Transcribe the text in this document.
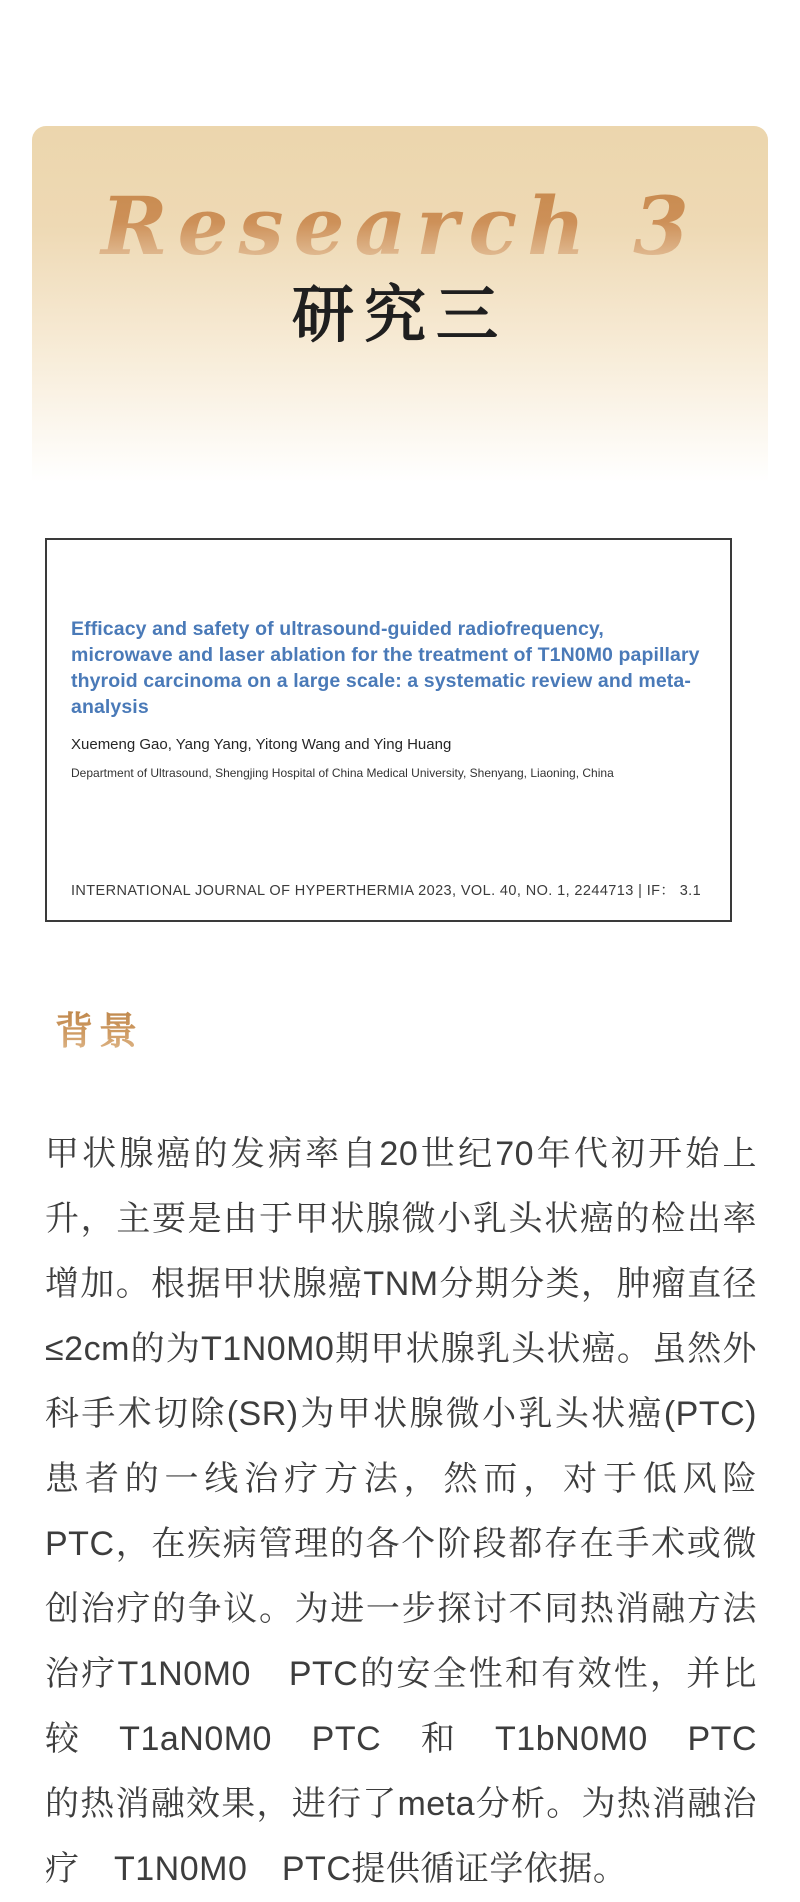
Research 3
研究三
Efficacy and safety of ultrasound-guided radiofrequency, microwave and laser ablation for the treatment of T1N0M0 papillary thyroid carcinoma on a large scale: a systematic review and meta-analysis
Xuemeng Gao, Yang Yang, Yitong Wang and Ying Huang
Department of Ultrasound, Shengjing Hospital of China Medical University, Shenyang, Liaoning, China
INTERNATIONAL JOURNAL OF HYPERTHERMIA 2023, VOL. 40, NO. 1, 2244713 | IF： 3.1
背景
甲状腺癌的发病率自20世纪70年代初开始上升，主要是由于甲状腺微小乳头状癌的检出率增加。根据甲状腺癌TNM分期分类，肿瘤直径≤2cm的为T1N0M0期甲状腺乳头状癌。虽然外科手术切除(SR)为甲状腺微小乳头状癌(PTC)患者的一线治疗方法，然而，对于低风险PTC，在疾病管理的各个阶段都存在手术或微创治疗的争议。为进一步探讨不同热消融方法治疗T1N0M0　PTC的安全性和有效性，并比较　T1aN0M0　PTC　和　T1bN0M0　PTC　的热消融效果，进行了meta分析。为热消融治疗　T1N0M0　PTC提供循证学依据。
